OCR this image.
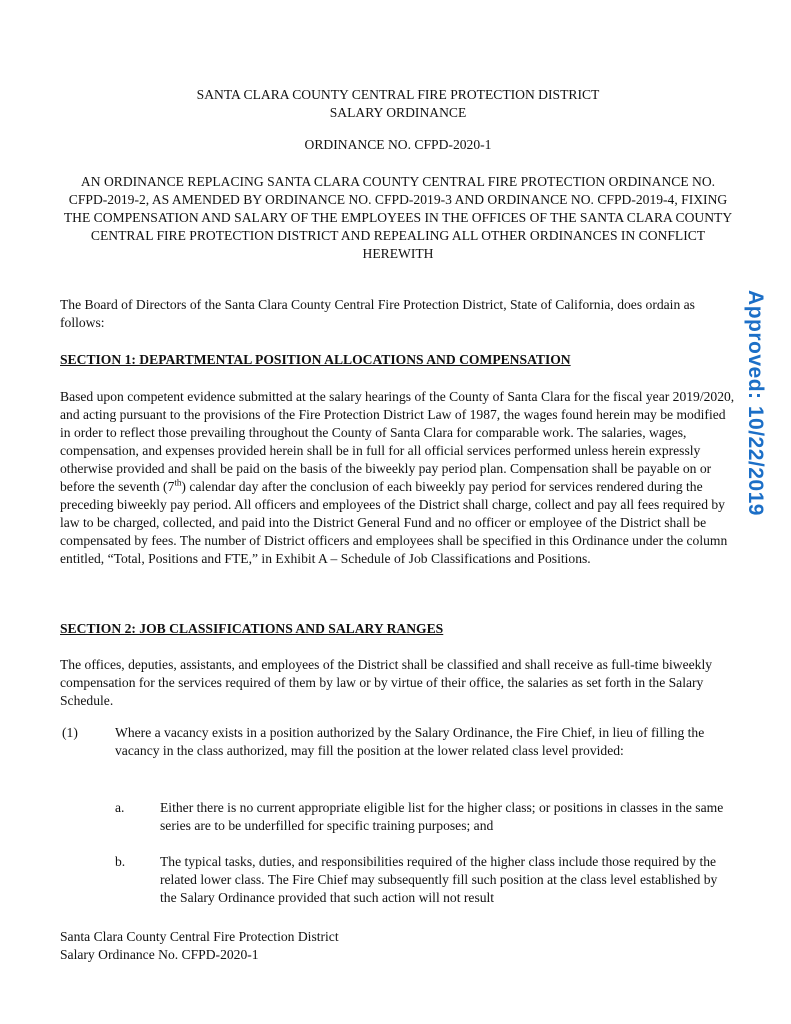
SANTA CLARA COUNTY CENTRAL FIRE PROTECTION DISTRICT
SALARY ORDINANCE
ORDINANCE NO. CFPD-2020-1
AN ORDINANCE REPLACING SANTA CLARA COUNTY CENTRAL FIRE PROTECTION ORDINANCE NO. CFPD-2019-2, AS AMENDED BY ORDINANCE NO. CFPD-2019-3 AND ORDINANCE NO. CFPD-2019-4, FIXING THE COMPENSATION AND SALARY OF THE EMPLOYEES IN THE OFFICES OF THE SANTA CLARA COUNTY CENTRAL FIRE PROTECTION DISTRICT AND REPEALING ALL OTHER ORDINANCES IN CONFLICT HEREWITH
The Board of Directors of the Santa Clara County Central Fire Protection District, State of California, does ordain as follows:
SECTION 1: DEPARTMENTAL POSITION ALLOCATIONS AND COMPENSATION
Based upon competent evidence submitted at the salary hearings of the County of Santa Clara for the fiscal year 2019/2020, and acting pursuant to the provisions of the Fire Protection District Law of 1987, the wages found herein may be modified in order to reflect those prevailing throughout the County of Santa Clara for comparable work. The salaries, wages, compensation, and expenses provided herein shall be in full for all official services performed unless herein expressly otherwise provided and shall be paid on the basis of the biweekly pay period plan. Compensation shall be payable on or before the seventh (7th) calendar day after the conclusion of each biweekly pay period for services rendered during the preceding biweekly pay period. All officers and employees of the District shall charge, collect and pay all fees required by law to be charged, collected, and paid into the District General Fund and no officer or employee of the District shall be compensated by fees. The number of District officers and employees shall be specified in this Ordinance under the column entitled, “Total, Positions and FTE,” in Exhibit A – Schedule of Job Classifications and Positions.
SECTION 2: JOB CLASSIFICATIONS AND SALARY RANGES
The offices, deputies, assistants, and employees of the District shall be classified and shall receive as full-time biweekly compensation for the services required of them by law or by virtue of their office, the salaries as set forth in the Salary Schedule.
(1)	Where a vacancy exists in a position authorized by the Salary Ordinance, the Fire Chief, in lieu of filling the vacancy in the class authorized, may fill the position at the lower related class level provided:
a.	Either there is no current appropriate eligible list for the higher class; or positions in classes in the same series are to be underfilled for specific training purposes; and
b.	The typical tasks, duties, and responsibilities required of the higher class include those required by the related lower class. The Fire Chief may subsequently fill such position at the class level established by the Salary Ordinance provided that such action will not result
Santa Clara County Central Fire Protection District
Salary Ordinance No. CFPD-2020-1
Approved: 10/22/2019
